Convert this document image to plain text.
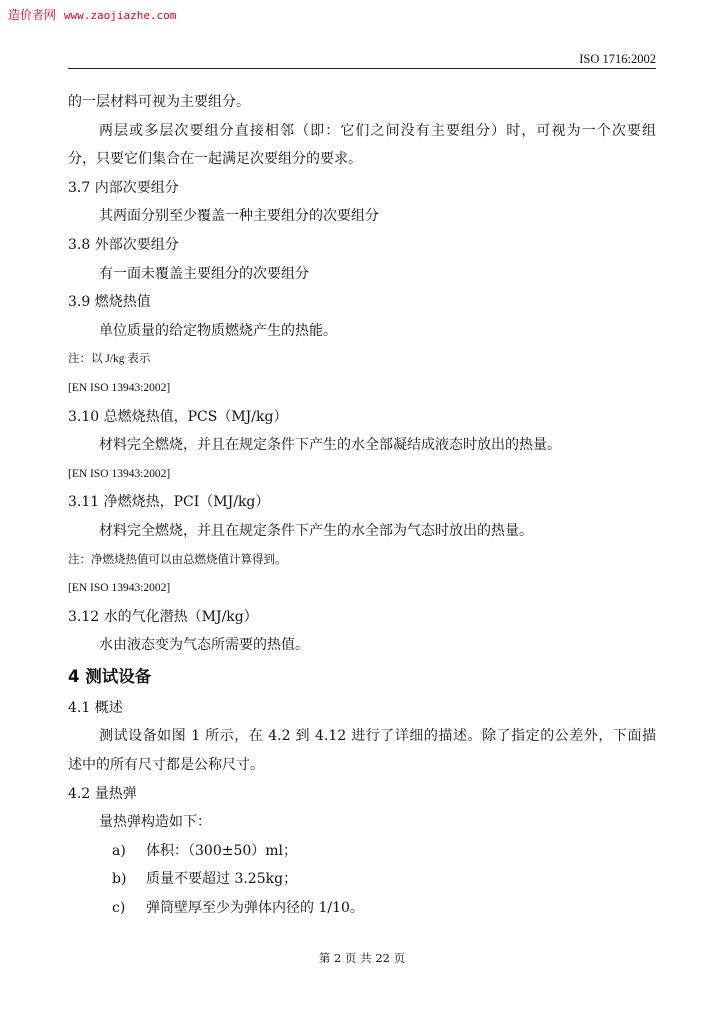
造价者网 www.zaojiazhe.com
ISO 1716:2002
的一层材料可视为主要组分。
两层或多层次要组分直接相邻（即：它们之间没有主要组分）时，可视为一个次要组
分，只要它们集合在一起满足次要组分的要求。
3.7 内部次要组分
其两面分别至少覆盖一种主要组分的次要组分
3.8 外部次要组分
有一面未覆盖主要组分的次要组分
3.9 燃烧热值
单位质量的给定物质燃烧产生的热能。
注：以 J/kg 表示
[EN ISO 13943:2002]
3.10 总燃烧热值，PCS（MJ/kg）
材料完全燃烧，并且在规定条件下产生的水全部凝结成液态时放出的热量。
[EN ISO 13943:2002]
3.11 净燃烧热，PCI（MJ/kg）
材料完全燃烧，并且在规定条件下产生的水全部为气态时放出的热量。
注：净燃烧热值可以由总燃烧值计算得到。
[EN ISO 13943:2002]
3.12 水的气化潜热（MJ/kg）
水由液态变为气态所需要的热值。
4 测试设备
4.1 概述
测试设备如图 1 所示，在 4.2 到 4.12 进行了详细的描述。除了指定的公差外，下面描
述中的所有尺寸都是公称尺寸。
4.2 量热弹
量热弹构造如下：
a) 体积：（300±50）ml；
b) 质量不要超过 3.25kg；
c) 弹筒壁厚至少为弹体内径的 1/10。
第 2 页 共 22 页
